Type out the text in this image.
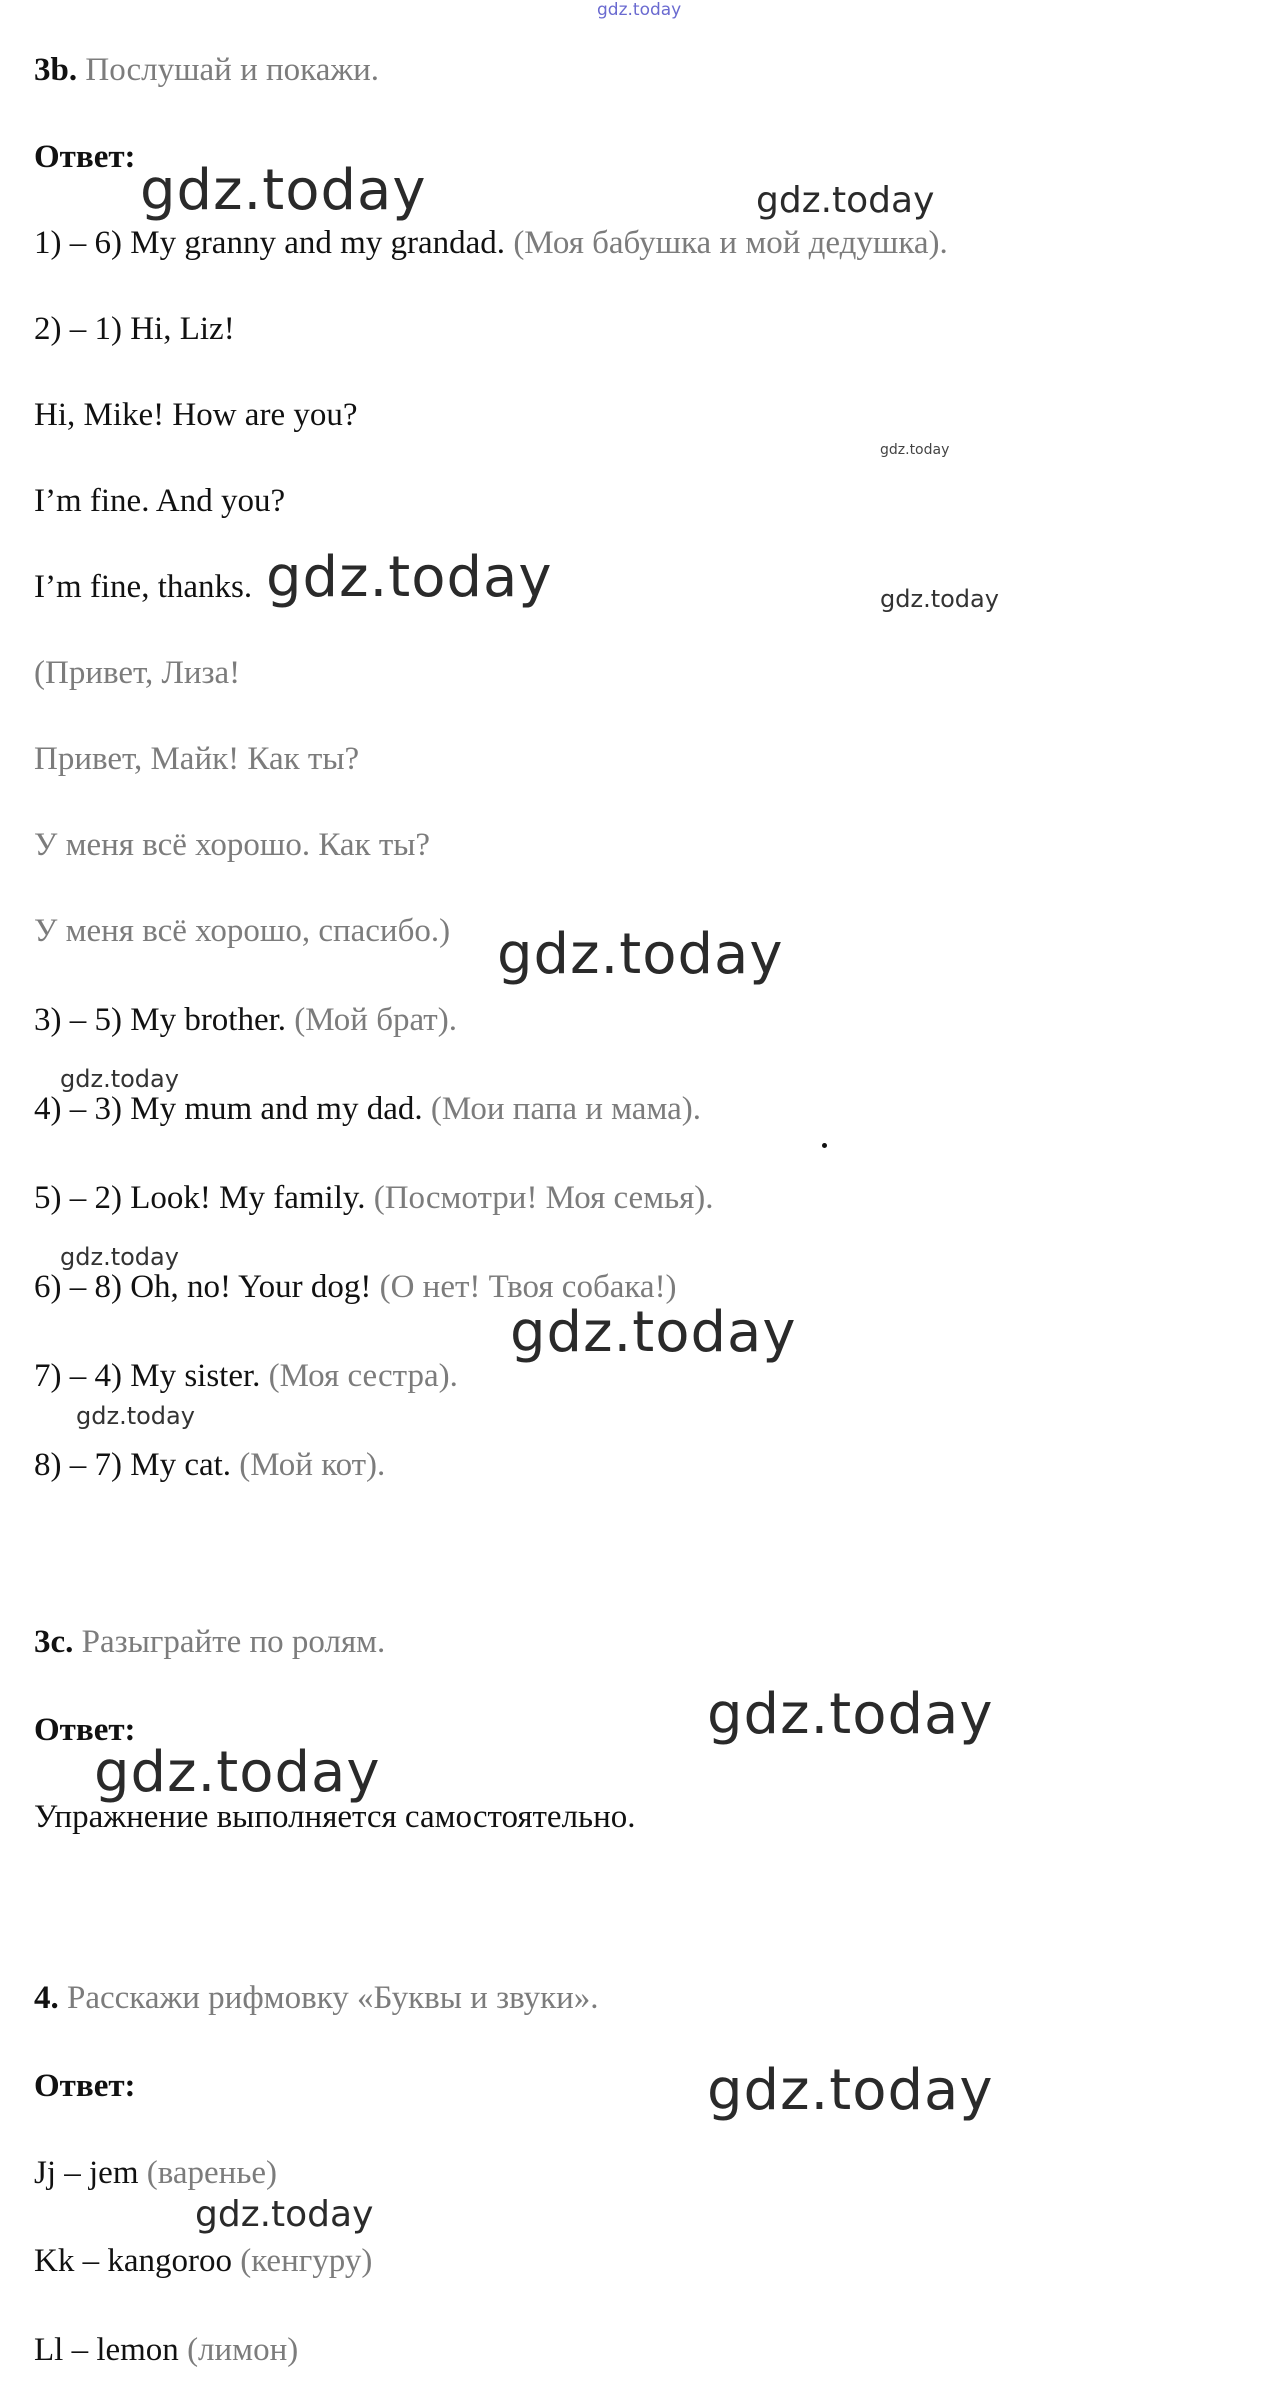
gdz.today
3b. Послушай и покажи.
Ответ:
1) – 6) My granny and my grandad. (Моя бабушка и мой дедушка).
2) – 1) Hi, Liz!
Hi, Mike! How are you?
I’m fine. And you?
I’m fine, thanks.
(Привет, Лиза!
Привет, Майк! Как ты?
У меня всё хорошо. Как ты?
У меня всё хорошо, спасибо.)
3) – 5) My brother. (Мой брат).
4) – 3) My mum and my dad. (Мои папа и мама).
5) – 2) Look! My family. (Посмотри! Моя семья).
6) – 8) Oh, no! Your dog! (О нет! Твоя собака!)
7) – 4) My sister. (Моя сестра).
8) – 7) My cat. (Мой кот).
3c. Разыграйте по ролям.
Ответ:
Упражнение выполняется самостоятельно.
4. Расскажи рифмовку «Буквы и звуки».
Ответ:
Jj – jem (варенье)
Kk – kangoroo (кенгуру)
Ll – lemon (лимон)
gdz.today	gdz.today
gdz.today
gdz.today	gdz.today
gdz.today
gdz.today
gdz.today
gdz.today
gdz.today
gdz.today
gdz.today
gdz.today
gdz.today
